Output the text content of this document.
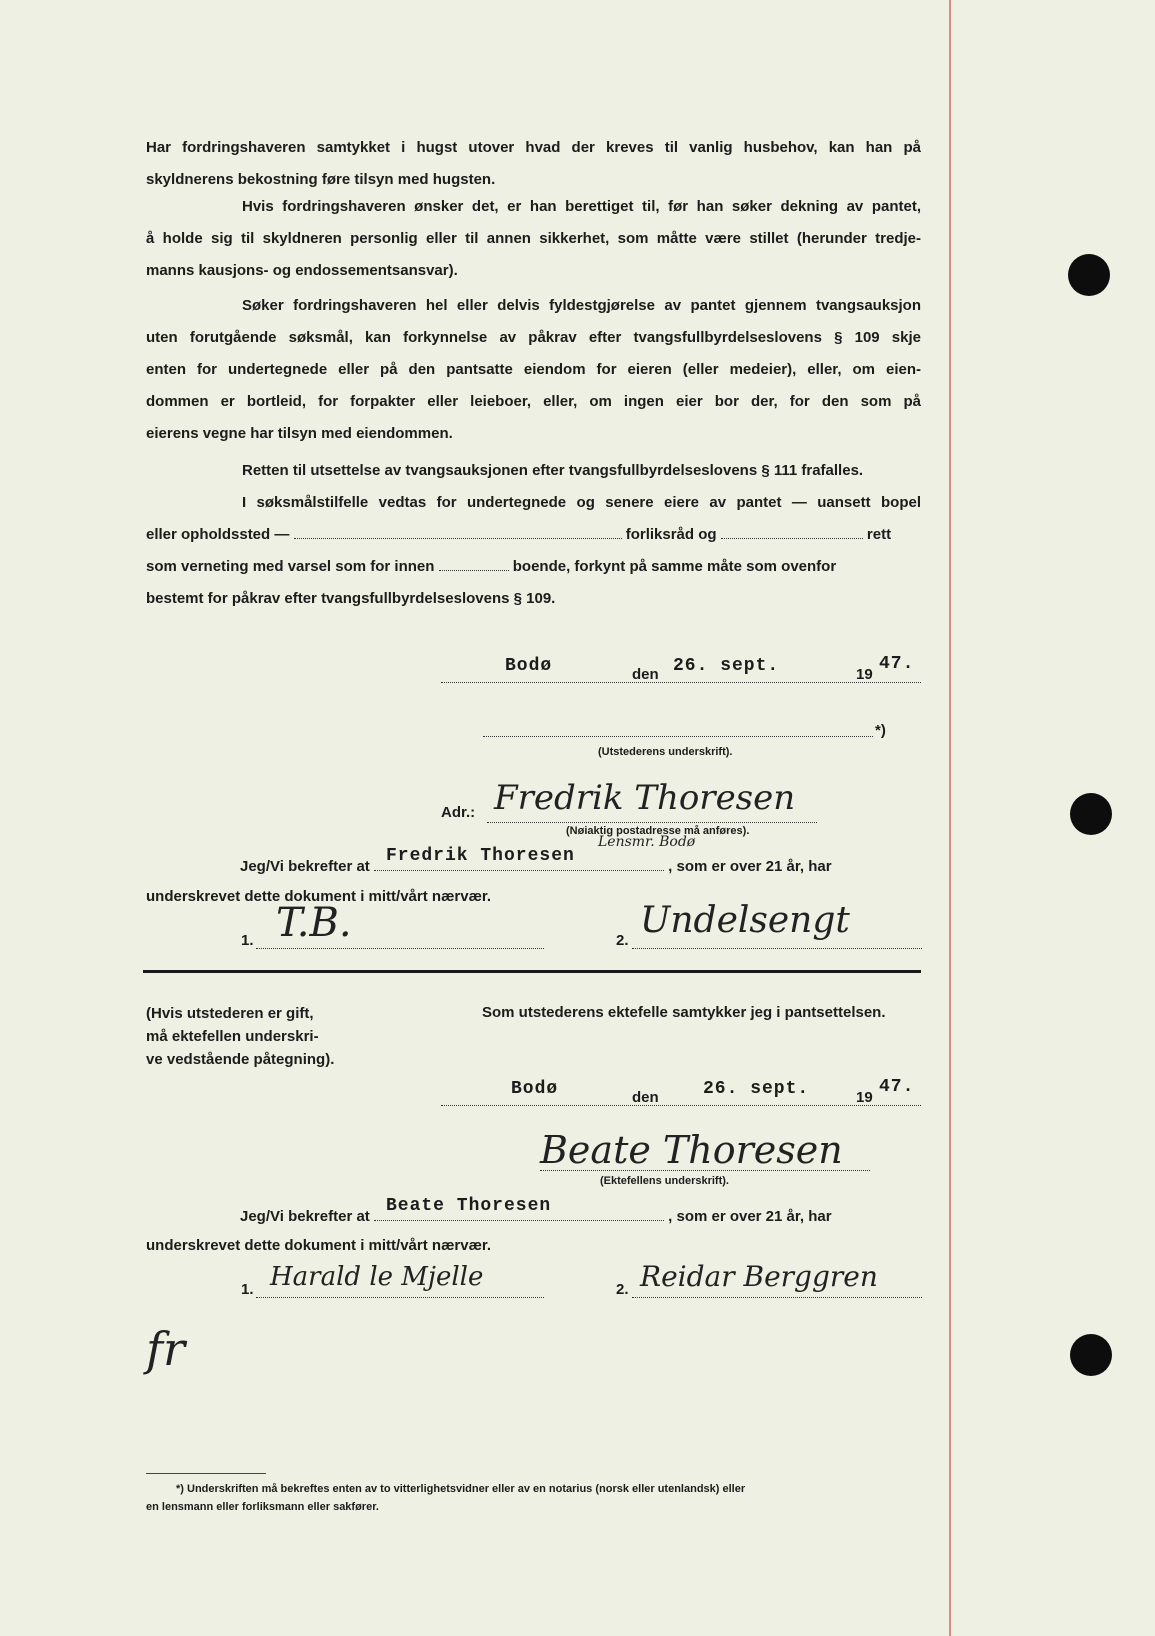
Har fordringshaveren samtykket i hugst utover hvad der kreves til vanlig husbehov, kan han på
skyldnerens bekostning føre tilsyn med hugsten.
Hvis fordringshaveren ønsker det, er han berettiget til, før han søker dekning av pantet,
å holde sig til skyldneren personlig eller til annen sikkerhet, som måtte være stillet (herunder tredje-
manns kausjons- og endossementsansvar).
Søker fordringshaveren hel eller delvis fyldestgjørelse av pantet gjennem tvangsauksjon
uten forutgående søksmål, kan forkynnelse av påkrav efter tvangsfullbyrdelseslovens § 109 skje
enten for undertegnede eller på den pantsatte eiendom for eieren (eller medeier), eller, om eien-
dommen er bortleid, for forpakter eller leieboer, eller, om ingen eier bor der, for den som på
eierens vegne har tilsyn med eiendommen.
Retten til utsettelse av tvangsauksjonen efter tvangsfullbyrdelseslovens § 111 frafalles.
I søksmålstilfelle vedtas for undertegnede og senere eiere av pantet — uansett bopel
eller opholdssted —	forliksråd og	rett
som verneting med varsel som for innen	boende, forkynt på samme måte som ovenfor
bestemt for påkrav efter tvangsfullbyrdelseslovens § 109.
Bodø	den 26. sept.	19
47.
*)
(Utstederens underskrift).
Adr.: Fredrik Thoresen
Lensmr. Bodø
(Nøiaktig postadresse må anføres).
Jeg/Vi bekrefter at
Fredrik Thoresen
, som er over 21 år, har
underskrevet dette dokument i mitt/vårt nærvær.
1. T.B.	2. Undelsengt
(Hvis utstederen er gift,
må ektefellen underskri-
ve vedstående påtegning).
Som utstederens ektefelle samtykker jeg i pantsettelsen.
Bodø	den 26. sept.	19
47.
Beate Thoresen
(Ektefellens underskrift).
Jeg/Vi bekrefter at
Beate Thoresen
, som er over 21 år, har
underskrevet dette dokument i mitt/vårt nærvær.
1. Harald le Mjelle	2. Reidar Berggren
fr
*) Underskriften må bekreftes enten av to vitterlighetsvidner eller av en notarius (norsk eller utenlandsk) eller
en lensmann eller forliksmann eller sakfører.
